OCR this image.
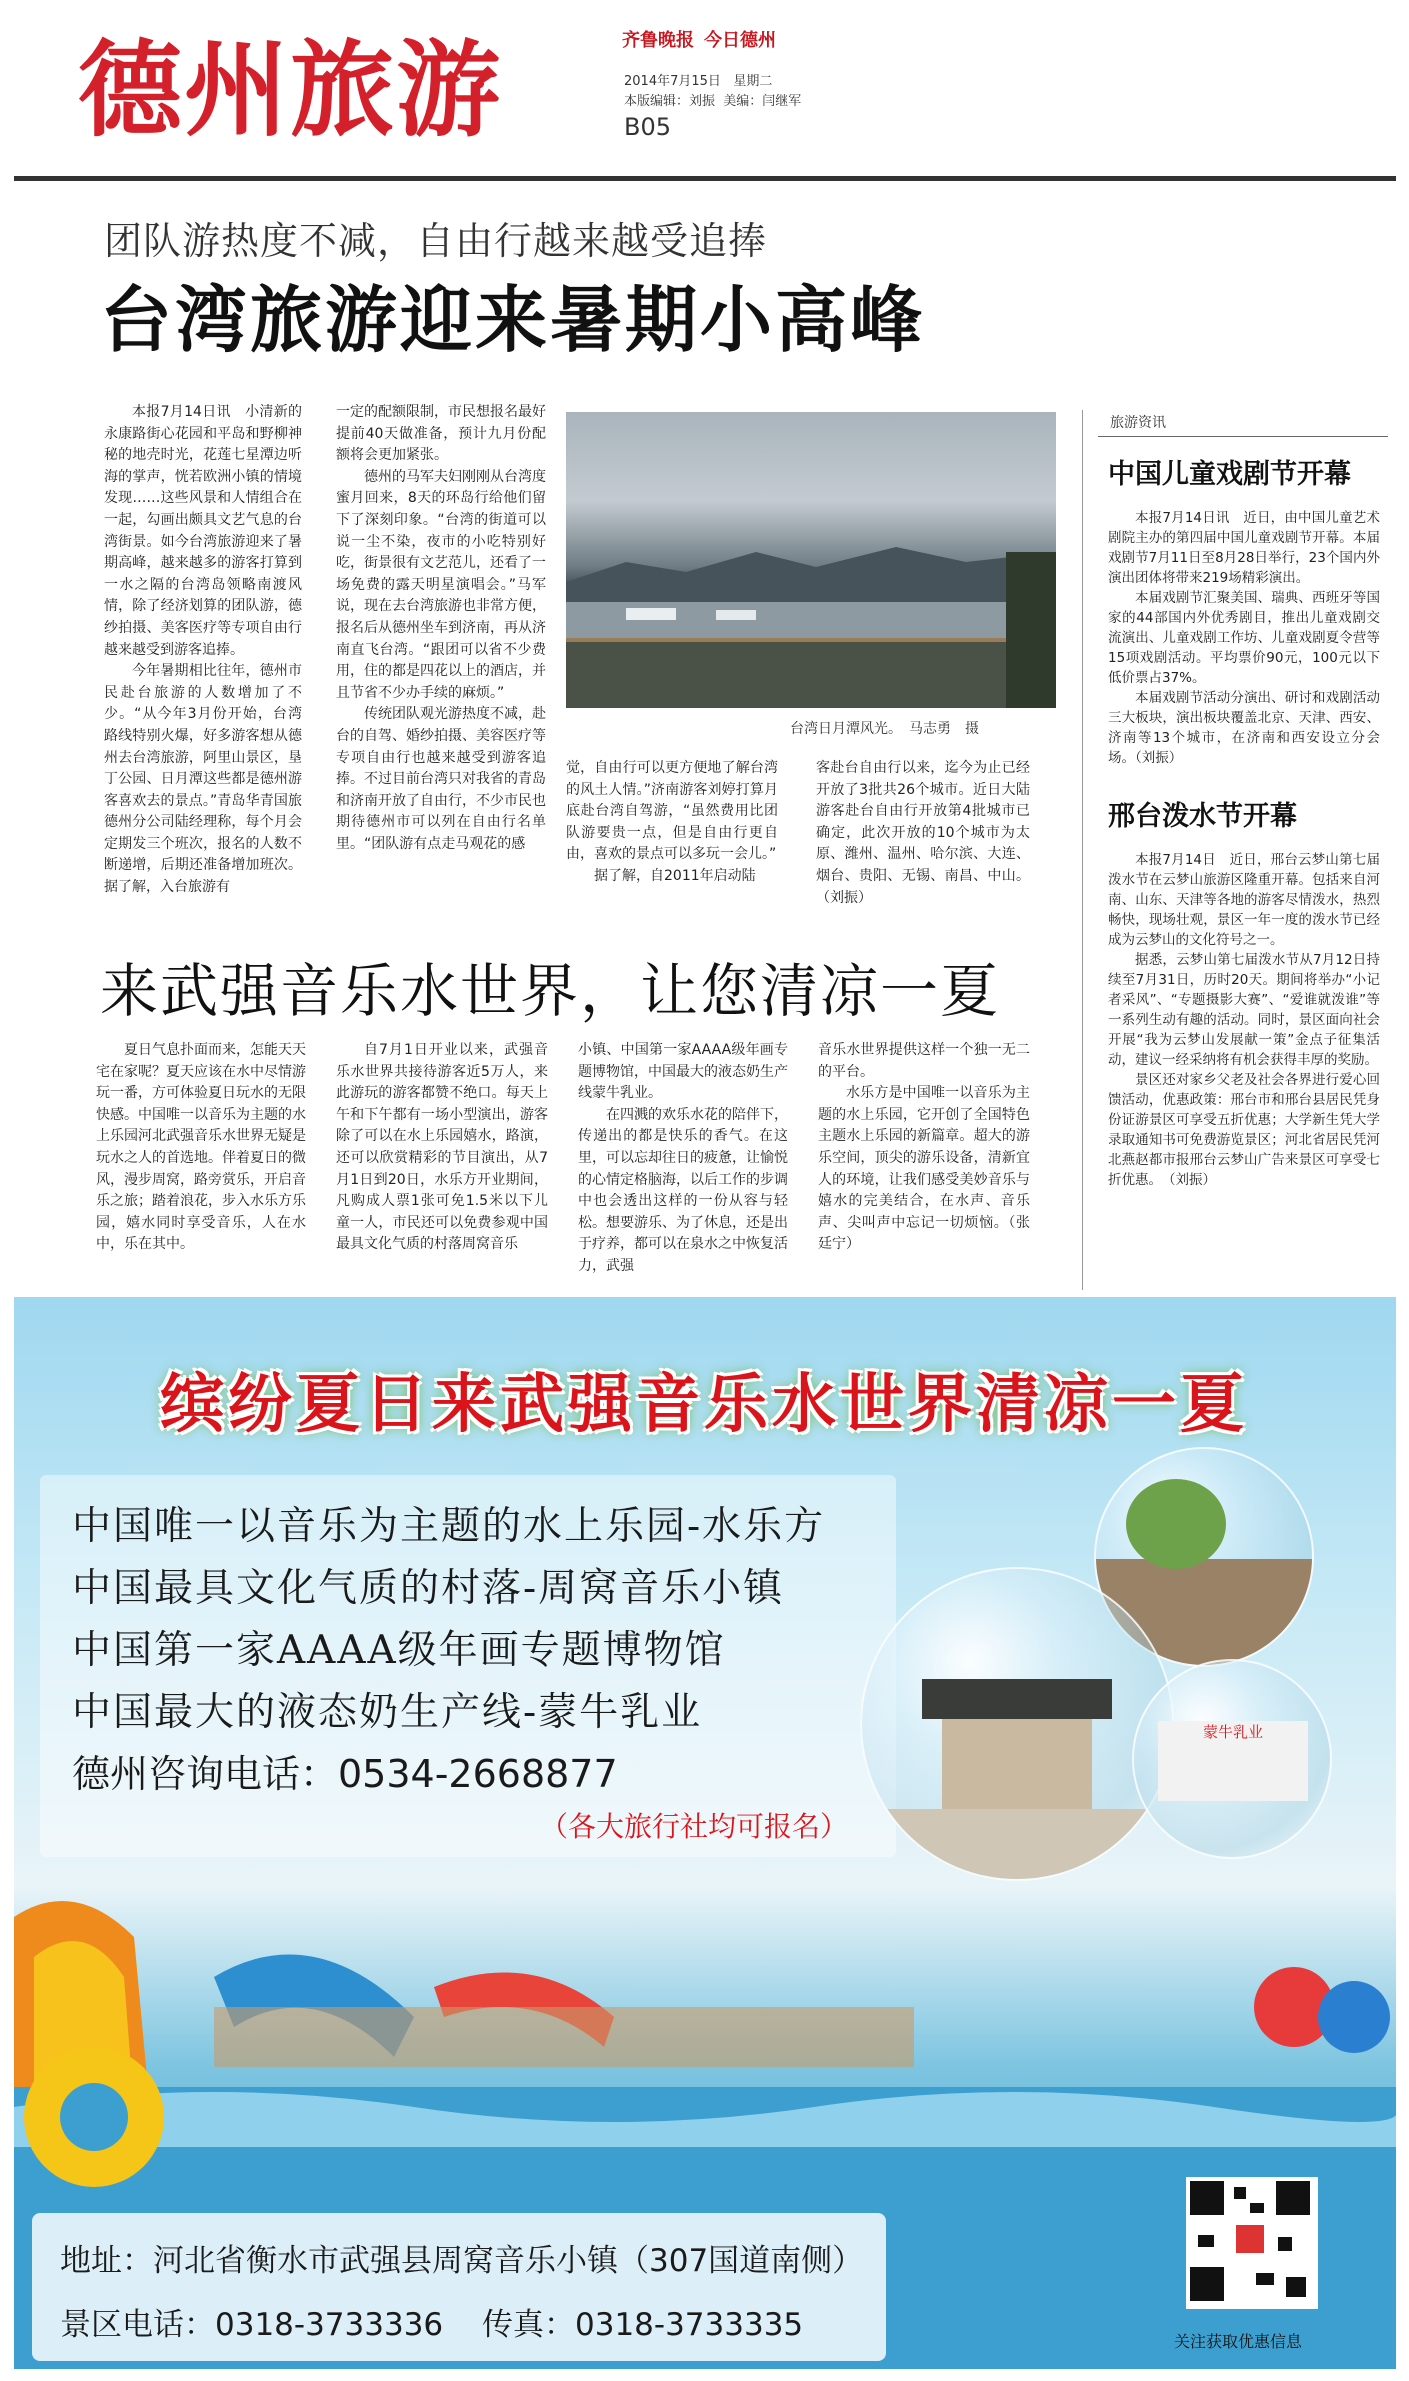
德州旅游	齐鲁晚报 今日德州
2014年7月15日 星期二
本版编辑：刘振 美编：闫继军
B05
团队游热度不减，自由行越来越受追捧
台湾旅游迎来暑期小高峰

本报7月14日讯　小清新的永康路街心花园和平岛和野柳神秘的地壳时光，花莲七星潭边听海的掌声，恍若欧洲小镇的情境发现……这些风景和人情组合在一起，勾画出颇具文艺气息的台湾街景。如今台湾旅游迎来了暑期高峰，越来越多的游客打算到一水之隔的台湾岛领略南渡风情，除了经济划算的团队游，德纱拍摄、美客医疗等专项自由行越来越受到游客追捧。

今年暑期相比往年，德州市民赴台旅游的人数增加了不少。“从今年3月份开始，台湾路线特别火爆，好多游客想从德州去台湾旅游，阿里山景区，垦丁公园、日月潭这些都是德州游客喜欢去的景点。”青岛华青国旅德州分公司陆经理称，每个月会定期发三个班次，报名的人数不断递增，后期还准备增加班次。据了解，入台旅游有

一定的配额限制，市民想报名最好提前40天做准备，预计九月份配额将会更加紧张。

德州的马军夫妇刚刚从台湾度蜜月回来，8天的环岛行给他们留下了深刻印象。“台湾的街道可以说一尘不染，夜市的小吃特别好吃，街景很有文艺范儿，还看了一场免费的露天明星演唱会。”马军说，现在去台湾旅游也非常方便，报名后从德州坐车到济南，再从济南直飞台湾。“跟团可以省不少费用，住的都是四花以上的酒店，并且节省不少办手续的麻烦。”

传统团队观光游热度不减，赴台的自驾、婚纱拍摄、美容医疗等专项自由行也越来越受到游客追捧。不过目前台湾只对我省的青岛和济南开放了自由行，不少市民也期待德州市可以列在自由行名单里。“团队游有点走马观花的感

台湾日月潭风光。　马志勇　摄

觉，自由行可以更方便地了解台湾的风土人情。”济南游客刘婷打算月底赴台湾自驾游，“虽然费用比团队游要贵一点，但是自由行更自由，喜欢的景点可以多玩一会儿。”

据了解，自2011年启动陆

客赴台自由行以来，迄今为止已经开放了3批共26个城市。近日大陆游客赴台自由行开放第4批城市已确定，此次开放的10个城市为太原、潍州、温州、哈尔滨、大连、烟台、贵阳、无锡、南昌、中山。（刘振）

来武强音乐水世界，让您清凉一夏

夏日气息扑面而来，怎能天天宅在家呢？夏天应该在水中尽情游玩一番，方可体验夏日玩水的无限快感。中国唯一以音乐为主题的水上乐园河北武强音乐水世界无疑是玩水之人的首选地。伴着夏日的微风，漫步周窝，路旁赏乐，开启音乐之旅；踏着浪花，步入水乐方乐园，嬉水同时享受音乐，人在水中，乐在其中。

自7月1日开业以来，武强音乐水世界共接待游客近5万人，来此游玩的游客都赞不绝口。每天上午和下午都有一场小型演出，游客除了可以在水上乐园嬉水，路演，还可以欣赏精彩的节目演出，从7月1日到20日，水乐方开业期间，凡购成人票1张可免1.5米以下儿童一人，市民还可以免费参观中国最具文化气质的村落周窝音乐

小镇、中国第一家AAAA级年画专题博物馆，中国最大的液态奶生产线蒙牛乳业。

在四溅的欢乐水花的陪伴下，传递出的都是快乐的香气。在这里，可以忘却往日的疲惫，让愉悦的心情定格脑海，以后工作的步调中也会透出这样的一份从容与轻松。想要游乐、为了休息，还是出于疗养，都可以在泉水之中恢复活力，武强

音乐水世界提供这样一个独一无二的平台。

水乐方是中国唯一以音乐为主题的水上乐园，它开创了全国特色主题水上乐园的新篇章。超大的游乐空间，顶尖的游乐设备，清新宜人的环境，让我们感受美妙音乐与嬉水的完美结合，在水声、音乐声、尖叫声中忘记一切烦恼。（张廷宁）

旅游资讯
中国儿童戏剧节开幕

本报7月14日讯　近日，由中国儿童艺术剧院主办的第四届中国儿童戏剧节开幕。本届戏剧节7月11日至8月28日举行，23个国内外演出团体将带来219场精彩演出。

本届戏剧节汇聚美国、瑞典、西班牙等国家的44部国内外优秀剧目，推出儿童戏剧交流演出、儿童戏剧工作坊、儿童戏剧夏令营等15项戏剧活动。平均票价90元，100元以下低价票占37%。

本届戏剧节活动分演出、研讨和戏剧活动三大板块，演出板块覆盖北京、天津、西安、济南等13个城市，在济南和西安设立分会场。（刘振）

邢台泼水节开幕

本报7月14日　近日，邢台云梦山第七届泼水节在云梦山旅游区隆重开幕。包括来自河南、山东、天津等各地的游客尽情泼水，热烈畅快，现场壮观，景区一年一度的泼水节已经成为云梦山的文化符号之一。

据悉，云梦山第七届泼水节从7月12日持续至7月31日，历时20天。期间将举办“小记者采风”、“专题摄影大赛”、“爱谁就泼谁”等一系列生动有趣的活动。同时，景区面向社会开展“我为云梦山发展献一策”金点子征集活动，建议一经采纳将有机会获得丰厚的奖励。

景区还对家乡父老及社会各界进行爱心回馈活动，优惠政策：邢台市和邢台县居民凭身份证游景区可享受五折优惠；大学新生凭大学录取通知书可免费游览景区；河北省居民凭河北燕赵都市报邢台云梦山广告来景区可享受七折优惠。　（刘振）

缤纷夏日来武强音乐水世界清凉一夏
中国唯一以音乐为主题的水上乐园-水乐方
中国最具文化气质的村落-周窝音乐小镇
中国第一家AAAA级年画专题博物馆
中国最大的液态奶生产线-蒙牛乳业
德州咨询电话：0534-2668877
（各大旅行社均可报名）
蒙牛乳业
地址：河北省衡水市武强县周窝音乐小镇（307国道南侧）
景区电话：0318-3733336 传真：0318-3733335	关注获取优惠信息
